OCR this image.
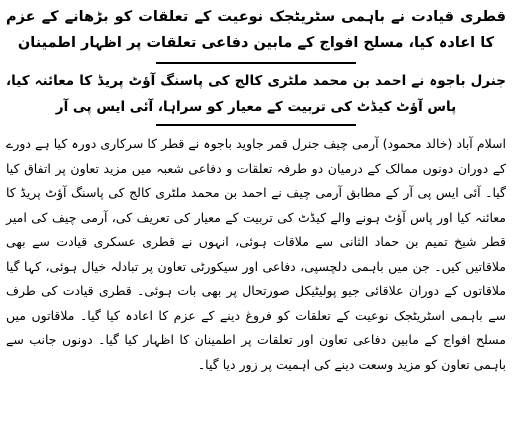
قطری قیادت نے باہمی سٹریٹجک نوعیت کے تعلقات کو بڑھانے کے عزم کا اعادہ کیا، مسلح افواج کے مابین دفاعی تعلقات پر اظہار اطمینان
جنرل باجوہ نے احمد بن محمد ملٹری کالج کی پاسنگ آؤٹ پریڈ کا معائنہ کیا، پاس آؤٹ کیڈٹ کی تربیت کے معیار کو سراہا، آئی ایس پی آر

اسلام آباد (خالد محمود) آرمی چیف جنرل قمر جاوید باجوہ نے قطر کا سرکاری دورہ کیا ہے دورے کے دوران دونوں ممالک کے درمیان دو طرفہ تعلقات و دفاعی شعبہ میں مزید تعاون پر اتفاق کیا گیا۔ آئی ایس پی آر کے مطابق آرمی چیف نے احمد بن محمد ملٹری کالج کی پاسنگ آؤٹ پریڈ کا معائنہ کیا اور پاس آؤٹ ہونے والے کیڈٹ کی تربیت کے معیار کی تعریف کی، آرمی چیف کی امیر قطر شیخ تمیم بن حماد الثانی سے ملاقات ہوئی، انہوں نے قطری عسکری قیادت سے بھی ملاقاتیں کیں۔ جن میں باہمی دلچسپی، دفاعی اور سیکورٹی تعاون پر تبادلہ خیال ہوئی، کہا گیا ملاقاتوں کے دوران علاقائی جیو پولیٹیکل صورتحال پر بھی بات ہوئی۔ قطری قیادت کی طرف سے باہمی اسٹریٹجک نوعیت کے تعلقات کو فروغ دینے کے عزم کا اعادہ کیا گیا۔ ملاقاتوں میں مسلح افواج کے مابین دفاعی تعاون اور تعلقات پر اطمینان کا اظہار کیا گیا۔ دونوں جانب سے باہمی تعاون کو مزید وسعت دینے کی اہمیت پر زور دیا گیا۔
